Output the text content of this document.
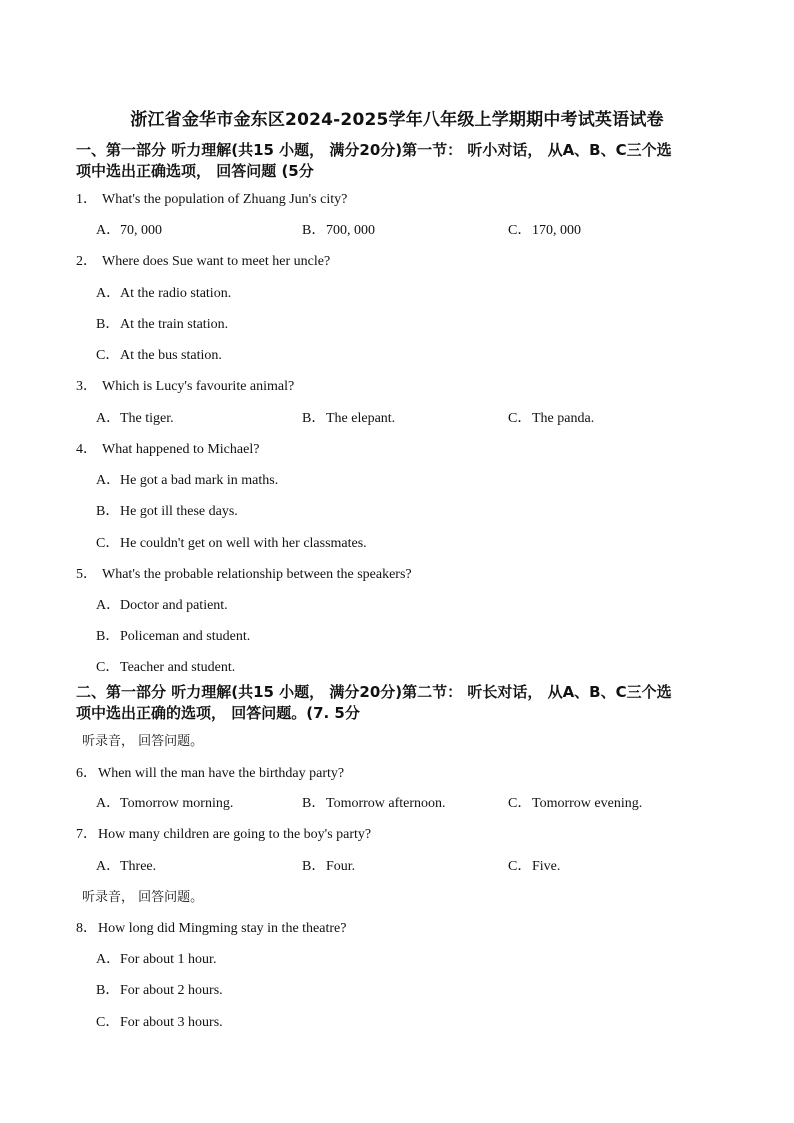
浙江省金华市金东区2024-2025学年八年级上学期期中考试英语试卷
一、第一部分 听力理解(共15 小题， 满分20分)第一节： 听小对话， 从A、B、C三个选
项中选出正确选项， 回答问题 (5分
1． What's the population of Zhuang Jun's city?
A．70, 000	B．700, 000	C．170, 000
2． Where does Sue want to meet her uncle?
A．At the radio station.
B．At the train station.
C．At the bus station.
3． Which is Lucy's favourite animal?
A．The tiger.	B．The elepant.	C．The panda.
4． What happened to Michael?
A．He got a bad mark in maths.
B．He got ill these days.
C．He couldn't get on well with her classmates.
5． What's the probable relationship between the speakers?
A．Doctor and patient.
B．Policeman and student.
C．Teacher and student.
二、第一部分 听力理解(共15 小题， 满分20分)第二节： 听长对话， 从A、B、C三个选
项中选出正确的选项， 回答问题。(7. 5分
听录音， 回答问题。
6．When will the man have the birthday party?
A．Tomorrow morning.	B．Tomorrow afternoon.	C．Tomorrow evening.
7．How many children are going to the boy's party?
A．Three.	B．Four.	C．Five.
听录音， 回答问题。
8．How long did Mingming stay in the theatre?
A．For about 1 hour.
B．For about 2 hours.
C．For about 3 hours.
